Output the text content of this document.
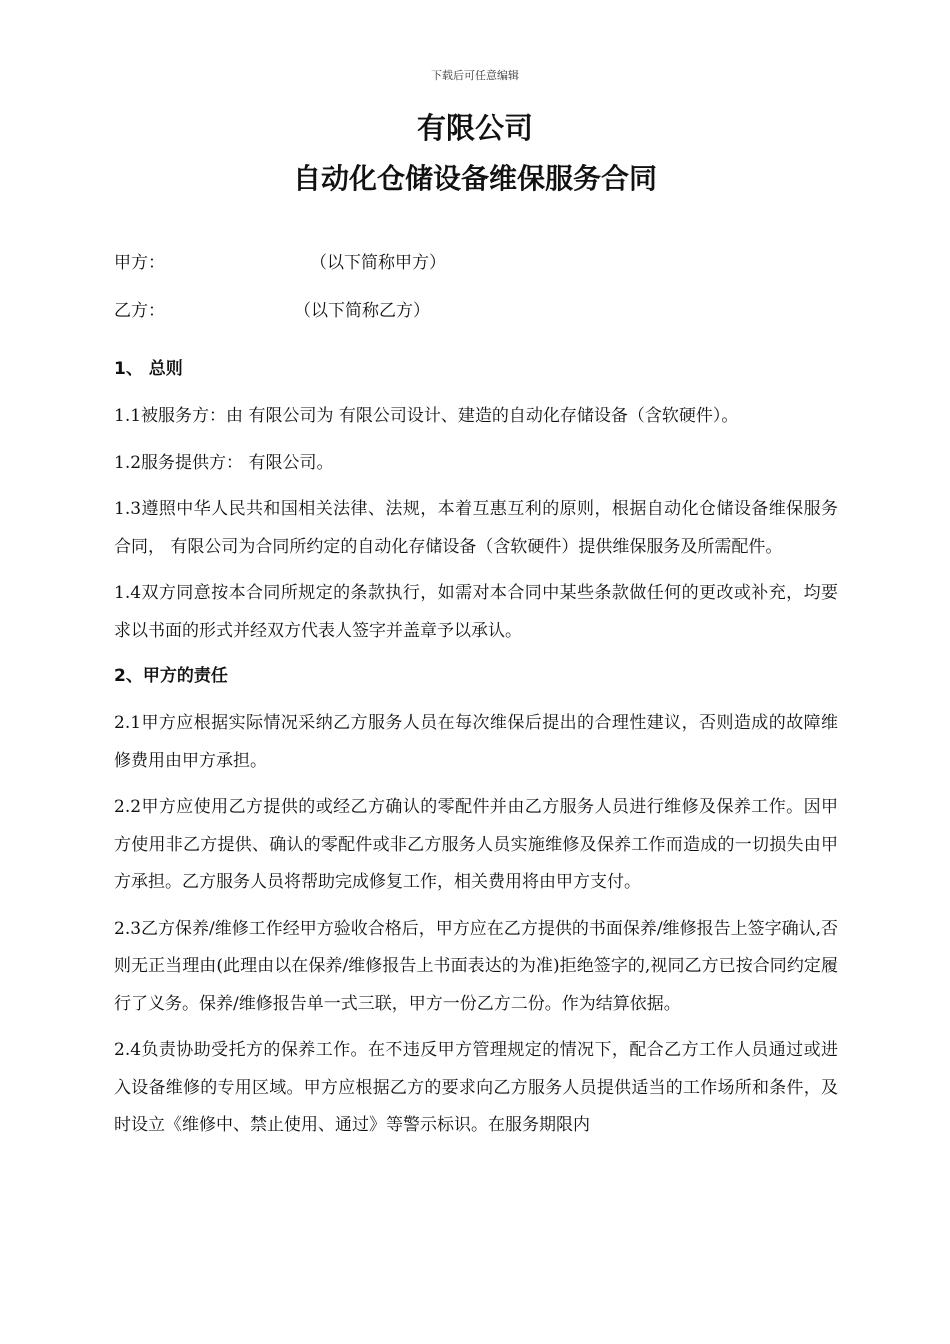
下载后可任意编辑
有限公司
自动化仓储设备维保服务合同
甲方：	（以下简称甲方）
乙方：	（以下简称乙方）
1、 总则

1.1被服务方：由 有限公司为 有限公司设计、建造的自动化存储设备（含软硬件）。

1.2服务提供方： 有限公司。

1.3遵照中华人民共和国相关法律、法规，本着互惠互利的原则，根据自动化仓储设备维保服务合同， 有限公司为合同所约定的自动化存储设备（含软硬件）提供维保服务及所需配件。

1.4双方同意按本合同所规定的条款执行，如需对本合同中某些条款做任何的更改或补充，均要求以书面的形式并经双方代表人签字并盖章予以承认。

2、甲方的责任

2.1甲方应根据实际情况采纳乙方服务人员在每次维保后提出的合理性建议，否则造成的故障维修费用由甲方承担。

2.2甲方应使用乙方提供的或经乙方确认的零配件并由乙方服务人员进行维修及保养工作。因甲方使用非乙方提供、确认的零配件或非乙方服务人员实施维修及保养工作而造成的一切损失由甲方承担。乙方服务人员将帮助完成修复工作，相关费用将由甲方支付。

2.3乙方保养/维修工作经甲方验收合格后，甲方应在乙方提供的书面保养/维修报告上签字确认,否则无正当理由(此理由以在保养/维修报告上书面表达的为准)拒绝签字的,视同乙方已按合同约定履行了义务。保养/维修报告单一式三联，甲方一份乙方二份。作为结算依据。

2.4负责协助受托方的保养工作。在不违反甲方管理规定的情况下，配合乙方工作人员通过或进入设备维修的专用区域。甲方应根据乙方的要求向乙方服务人员提供适当的工作场所和条件，及时设立《维修中、禁止使用、通过》等警示标识。在服务期限内
